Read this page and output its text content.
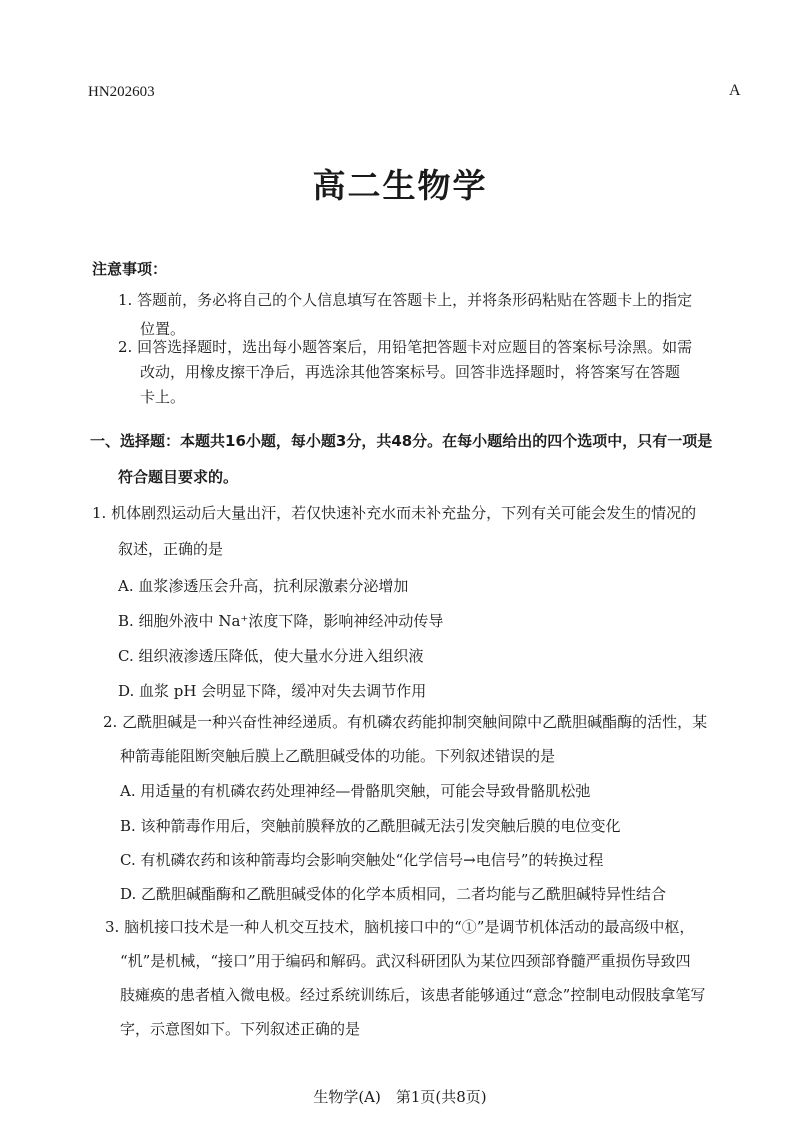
HN202603	A
高二生物学
注意事项：
1. 答题前，务必将自己的个人信息填写在答题卡上，并将条形码粘贴在答题卡上的指定
位置。
2. 回答选择题时，选出每小题答案后，用铅笔把答题卡对应题目的答案标号涂黑。如需
改动，用橡皮擦干净后，再选涂其他答案标号。回答非选择题时，将答案写在答题
卡上。
一、选择题：本题共16小题，每小题3分，共48分。在每小题给出的四个选项中，只有一项是
符合题目要求的。
1. 机体剧烈运动后大量出汗，若仅快速补充水而未补充盐分，下列有关可能会发生的情况的
叙述，正确的是
A. 血浆渗透压会升高，抗利尿激素分泌增加
B. 细胞外液中 Na⁺浓度下降，影响神经冲动传导
C. 组织液渗透压降低，使大量水分进入组织液
D. 血浆 pH 会明显下降，缓冲对失去调节作用
2. 乙酰胆碱是一种兴奋性神经递质。有机磷农药能抑制突触间隙中乙酰胆碱酯酶的活性，某
种箭毒能阻断突触后膜上乙酰胆碱受体的功能。下列叙述错误的是
A. 用适量的有机磷农药处理神经—骨骼肌突触，可能会导致骨骼肌松弛
B. 该种箭毒作用后，突触前膜释放的乙酰胆碱无法引发突触后膜的电位变化
C. 有机磷农药和该种箭毒均会影响突触处“化学信号→电信号”的转换过程
D. 乙酰胆碱酯酶和乙酰胆碱受体的化学本质相同，二者均能与乙酰胆碱特异性结合
3. 脑机接口技术是一种人机交互技术，脑机接口中的“①”是调节机体活动的最高级中枢，
“机”是机械，“接口”用于编码和解码。武汉科研团队为某位四颈部脊髓严重损伤导致四
肢瘫痪的患者植入微电极。经过系统训练后，该患者能够通过“意念”控制电动假肢拿笔写
字，示意图如下。下列叙述正确的是
生物学(A)　第1页(共8页)
